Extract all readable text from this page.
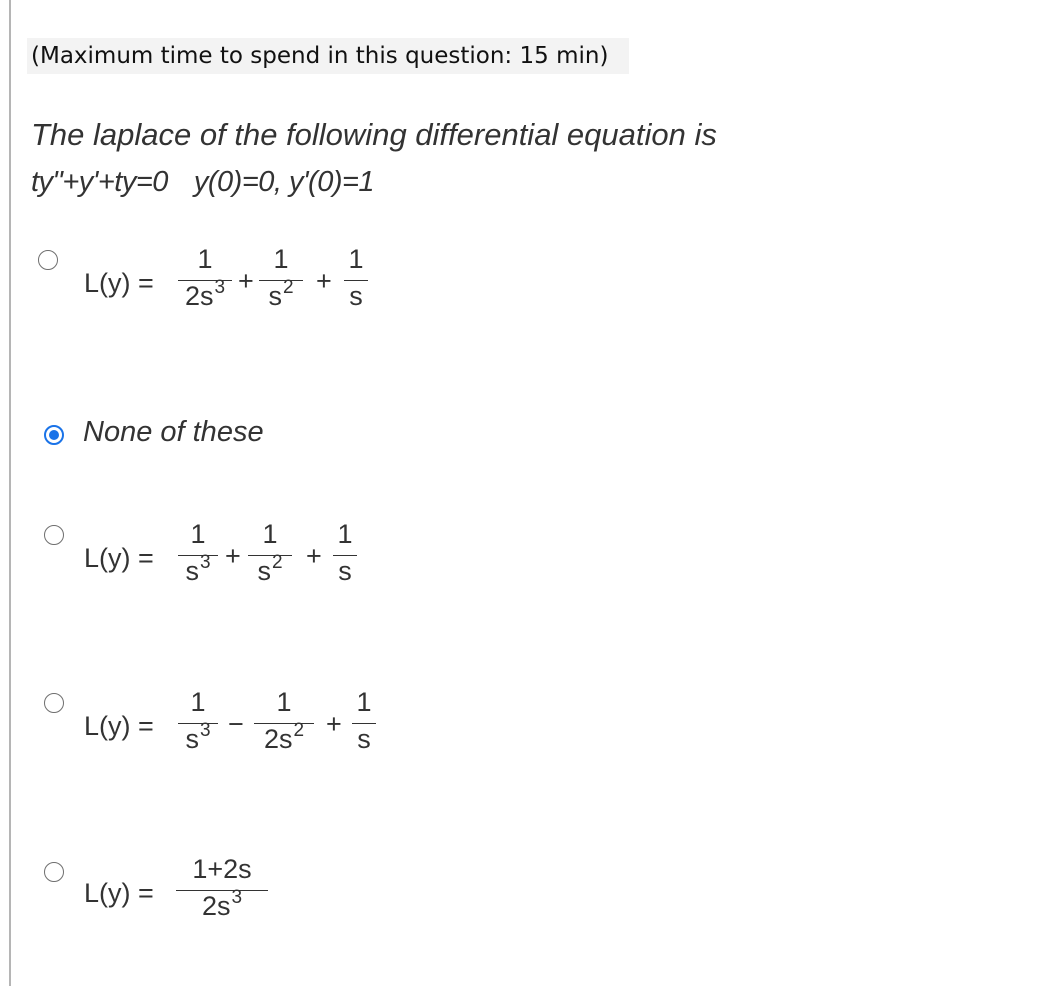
(Maximum time to spend in this question: 15 min)
The laplace of the following differential equation is
ty"+y'+ty=0 y(0)=0, y'(0)=1
L(y) =
1
$2s^3$ +
1
$s^2$ +
1
s
None of these
L(y) =
1
$s^3$ +
1
$s^2$ +
1
s
L(y) =
1
$s^3$ −
1
$2s^2$ +
1
s
L(y) =
1+2s
$2s^3$
